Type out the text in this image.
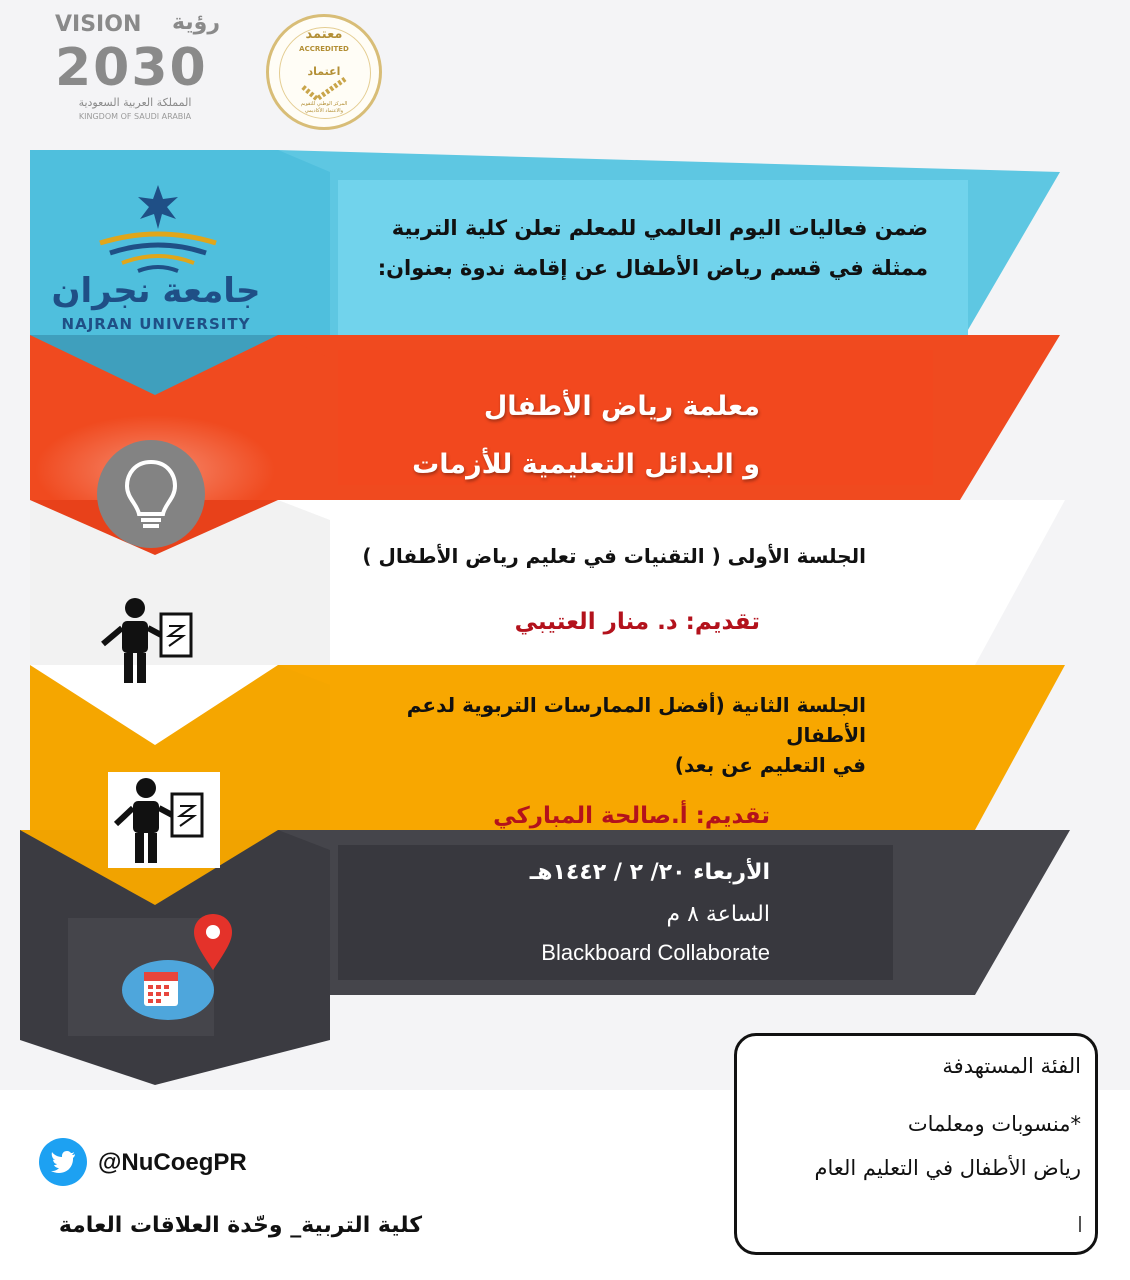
VISION رؤية
2030
المملكة العربية السعودية
KINGDOM OF SAUDI ARABIA
معتمد
ACCREDITED
اعتماد
المركز الوطني للتقويم والاعتماد الأكاديمي
جامعة نجران
NAJRAN UNIVERSITY
ضمن فعاليات اليوم العالمي للمعلم تعلن كلية التربية
ممثلة في قسم رياض الأطفال عن إقامة ندوة بعنوان:
معلمة رياض الأطفال
و البدائل التعليمية للأزمات
الجلسة الأولى ( التقنيات في تعليم رياض الأطفال )
تقديم: د. منار العتيبي
الجلسة الثانية (أفضل الممارسات التربوية لدعم الأطفال
في التعليم عن بعد)
تقديم: أ.صالحة المباركي
الأربعاء ٢٠/ ٢ / ١٤٤٢هـ
الساعة ٨ م
Blackboard Collaborate
الفئة المستهدفة
*منسوبات ومعلمات
رياض الأطفال في التعليم العام
@NuCoegPR
كلية التربية_ وحّدة العلاقات العامة
